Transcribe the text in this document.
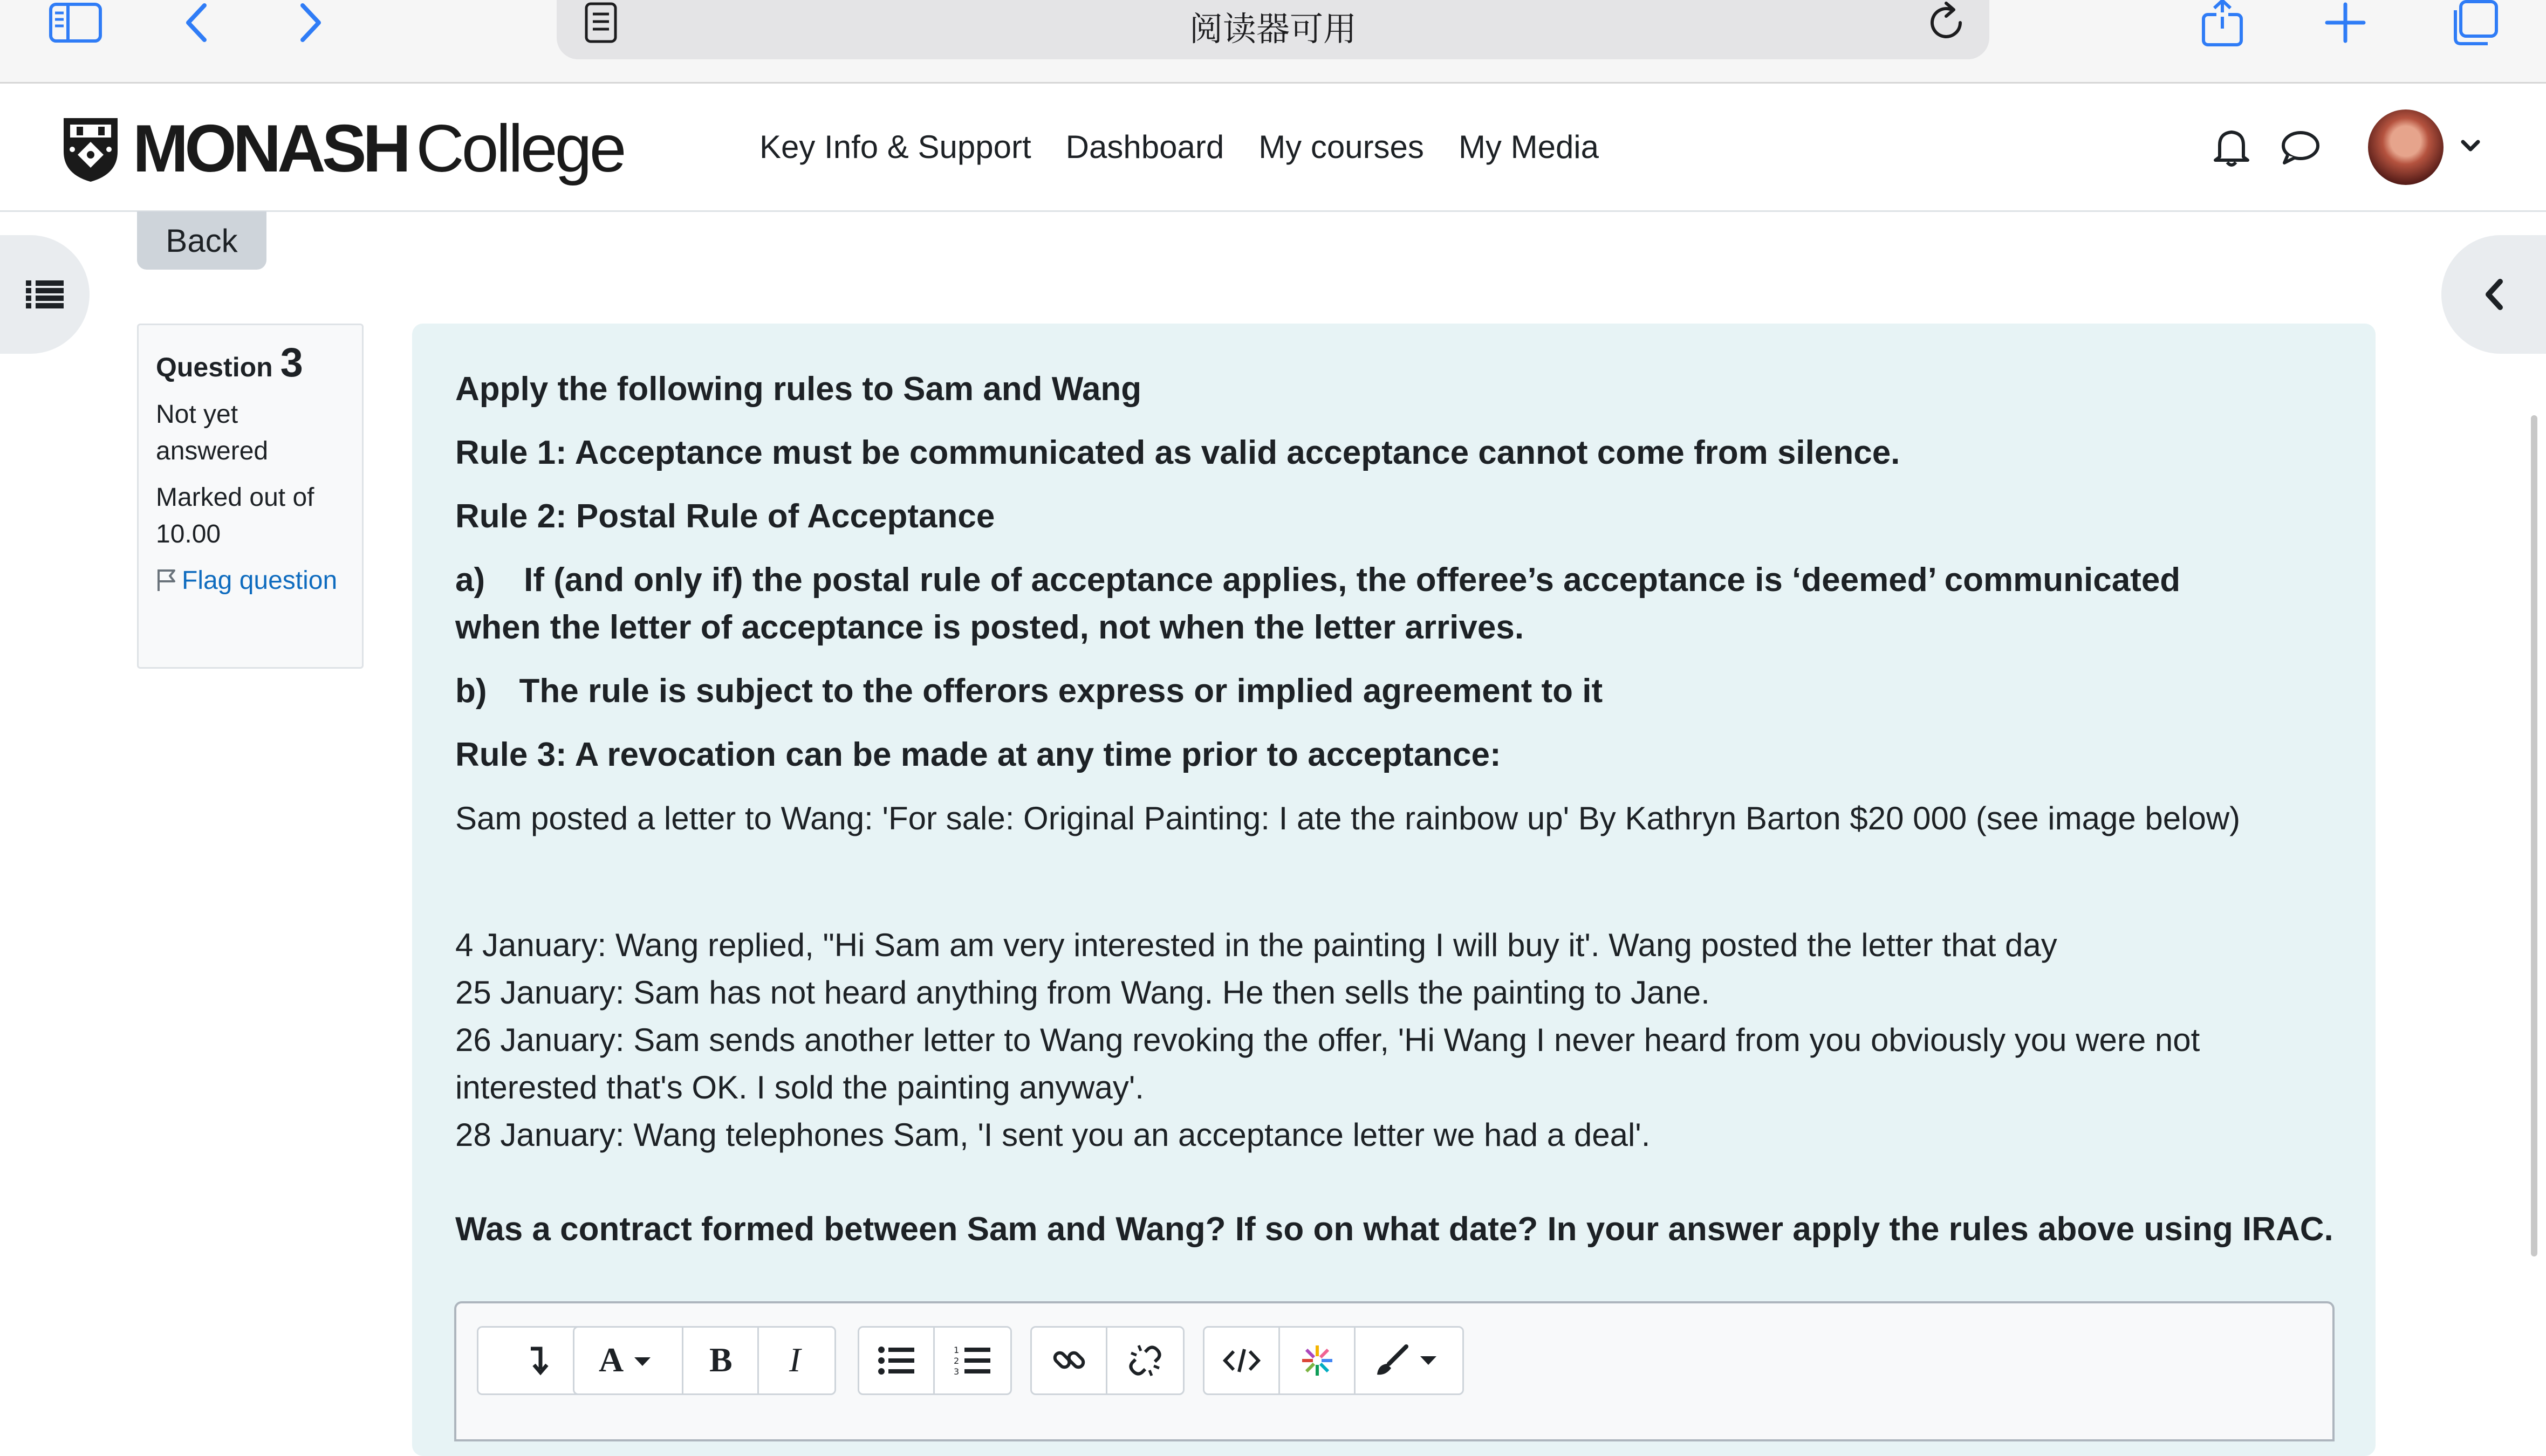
阅读器可用
MONASH College	Key Info & Support Dashboard My courses My Media
Back
Question 3
Not yet answered
Marked out of 10.00
Flag question
Apply the following rules to Sam and Wang
Rule 1: Acceptance must be communicated as valid acceptance cannot come from silence.
Rule 2: Postal Rule of Acceptance
a) If (and only if) the postal rule of acceptance applies, the offeree’s acceptance is ‘deemed’ communicated
when the letter of acceptance is posted, not when the letter arrives.
b) The rule is subject to the offerors express or implied agreement to it
Rule 3: A revocation can be made at any time prior to acceptance:
Sam posted a letter to Wang: 'For sale: Original Painting: I ate the rainbow up' By Kathryn Barton $20 000 (see image below)
4 January: Wang replied, "Hi Sam am very interested in the painting I will buy it'. Wang posted the letter that day
25 January: Sam has not heard anything from Wang. He then sells the painting to Jane.
26 January: Sam sends another letter to Wang revoking the offer, 'Hi Wang I never heard from you obviously you were not
interested that's OK. I sold the painting anyway'.
28 January: Wang telephones Sam, 'I sent you an acceptance letter we had a deal'.
Was a contract formed between Sam and Wang? If so on what date? In your answer apply the rules above using IRAC.
A B I	1
2
3
